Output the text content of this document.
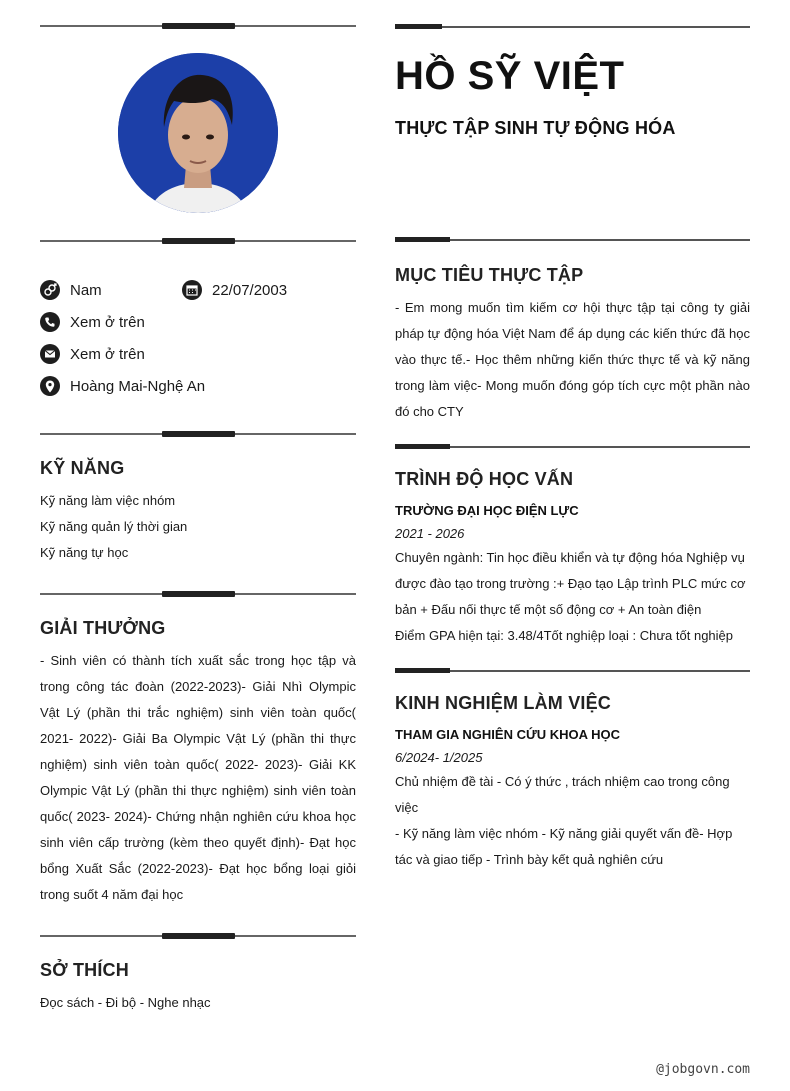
Nam	22/07/2003
Xem ở trên
Xem ở trên
Hoàng Mai-Nghệ An
KỸ NĂNG
Kỹ năng làm việc nhóm
Kỹ năng quản lý thời gian
Kỹ năng tự học
GIẢI THƯỞNG
- Sinh viên có thành tích xuất sắc trong học tập và trong công tác đoàn (2022-2023)- Giải Nhì Olympic Vật Lý (phần thi trắc nghiệm) sinh viên toàn quốc( 2021- 2022)- Giải Ba Olympic Vật Lý (phần thi thực nghiệm) sinh viên toàn quốc( 2022- 2023)- Giải KK Olympic Vật Lý (phần thi thực nghiệm) sinh viên toàn quốc( 2023- 2024)- Chứng nhận nghiên cứu khoa học sinh viên cấp trường (kèm theo quyết định)- Đạt học bổng Xuất Sắc (2022-2023)- Đạt học bổng loại giỏi trong suốt 4 năm đại học
SỞ THÍCH
Đọc sách - Đi bộ - Nghe nhạc
HỒ SỸ VIỆT
THỰC TẬP SINH TỰ ĐỘNG HÓA
MỤC TIÊU THỰC TẬP
- Em mong muốn tìm kiếm cơ hội thực tập tại công ty giải pháp tự động hóa Việt Nam để áp dụng các kiến thức đã học vào thực tế.- Học thêm những kiến thức thực tế và kỹ năng trong làm việc- Mong muốn đóng góp tích cực một phần nào đó cho CTY
TRÌNH ĐỘ HỌC VẤN
TRƯỜNG ĐẠI HỌC ĐIỆN LỰC
2021 - 2026
Chuyên ngành: Tin học điều khiển và tự động hóa Nghiệp vụ được đào tạo trong trường :+ Đạo tạo Lập trình PLC mức cơ bản + Đấu nối thực tế một số động cơ + An toàn điện
Điểm GPA hiện tại: 3.48/4Tốt nghiệp loại : Chưa tốt nghiệp
KINH NGHIỆM LÀM VIỆC
THAM GIA NGHIÊN CỨU KHOA HỌC
6/2024- 1/2025
Chủ nhiệm đề tài - Có ý thức , trách nhiệm cao trong công việc
- Kỹ năng làm việc nhóm - Kỹ năng giải quyết vấn đề- Hợp tác và giao tiếp - Trình bày kết quả nghiên cứu
@jobgovn.com
